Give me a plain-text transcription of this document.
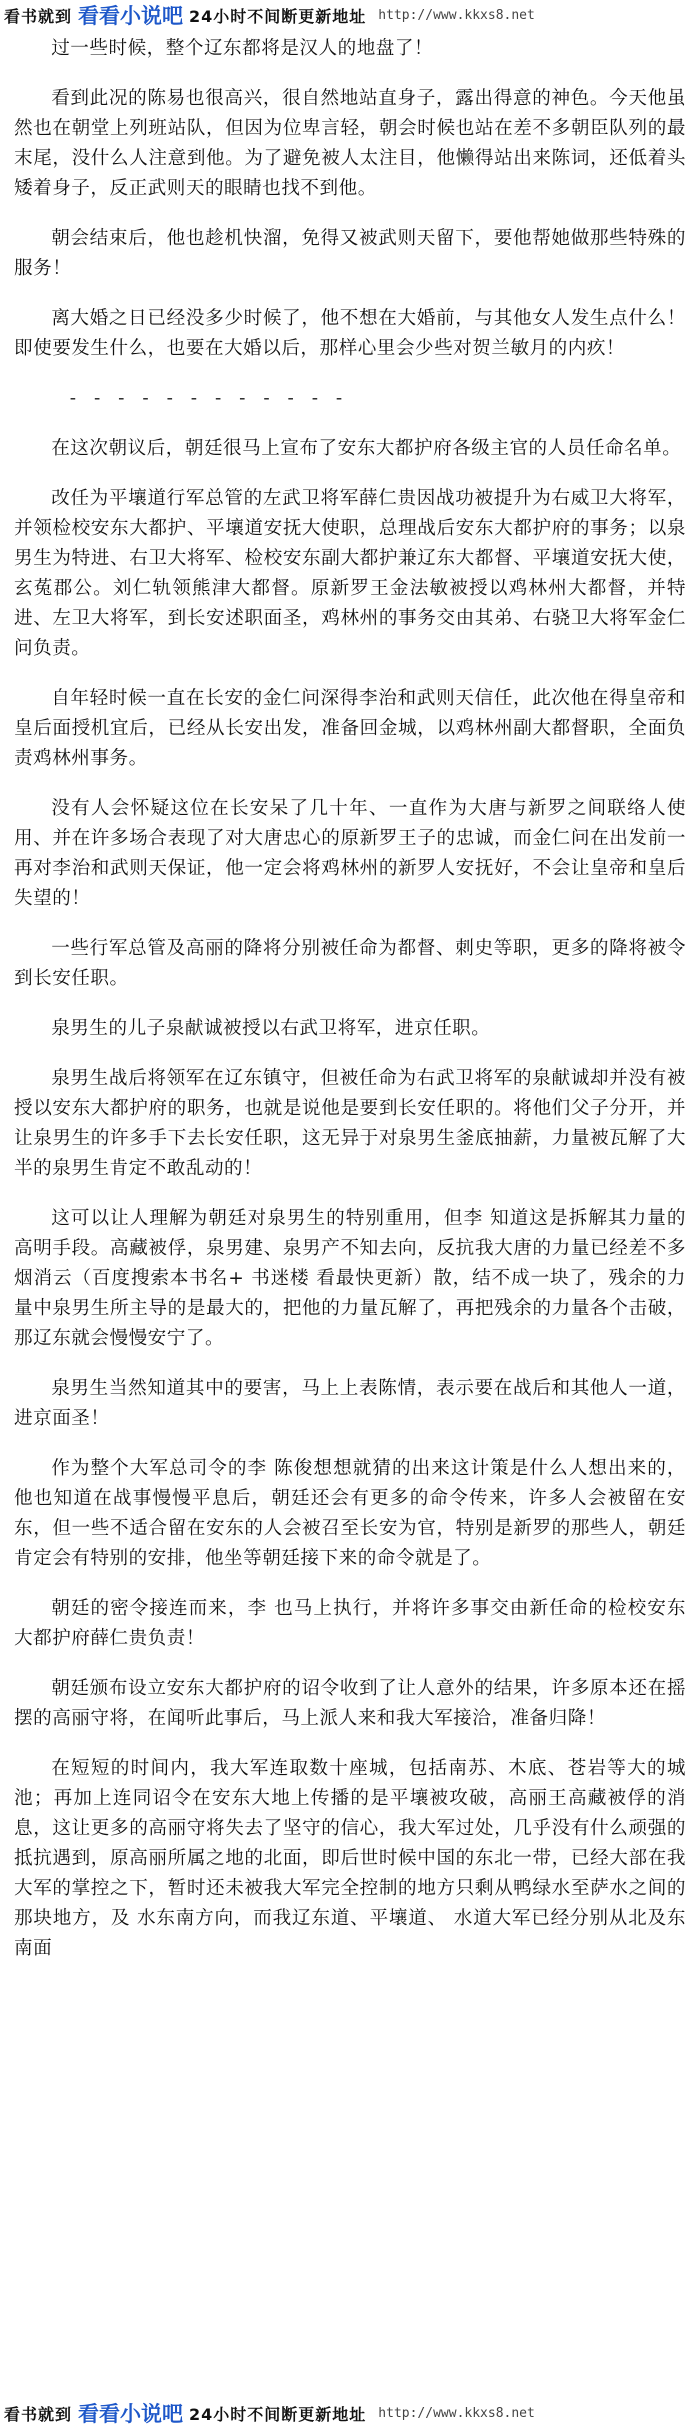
看书就到 看看小说吧 24小时不间断更新地址 http://www.kkxs8.net

过一些时候，整个辽东都将是汉人的地盘了！

看到此况的陈易也很高兴，很自然地站直身子，露出得意的神色。今天他虽然也在朝堂上列班站队，但因为位卑言轻，朝会时候也站在差不多朝臣队列的最末尾，没什么人注意到他。为了避免被人太注目，他懒得站出来陈词，还低着头矮着身子，反正武则天的眼睛也找不到他。

朝会结束后，他也趁机快溜，免得又被武则天留下，要他帮她做那些特殊的服务！

离大婚之日已经没多少时候了，他不想在大婚前，与其他女人发生点什么！即使要发生什么，也要在大婚以后，那样心里会少些对贺兰敏月的内疚！

- - - - - - - - - - - -

在这次朝议后，朝廷很马上宣布了安东大都护府各级主官的人员任命名单。

改任为平壤道行军总管的左武卫将军薛仁贵因战功被提升为右威卫大将军，并领检校安东大都护、平壤道安抚大使职，总理战后安东大都护府的事务；以泉男生为特进、右卫大将军、检校安东副大都护兼辽东大都督、平壤道安抚大使，玄菟郡公。刘仁轨领熊津大都督。原新罗王金法敏被授以鸡林州大都督，并特进、左卫大将军，到长安述职面圣，鸡林州的事务交由其弟、右骁卫大将军金仁问负责。

自年轻时候一直在长安的金仁问深得李治和武则天信任，此次他在得皇帝和皇后面授机宜后，已经从长安出发，准备回金城，以鸡林州副大都督职，全面负责鸡林州事务。

没有人会怀疑这位在长安呆了几十年、一直作为大唐与新罗之间联络人使用、并在许多场合表现了对大唐忠心的原新罗王子的忠诚，而金仁问在出发前一再对李治和武则天保证，他一定会将鸡林州的新罗人安抚好，不会让皇帝和皇后失望的！

一些行军总管及高丽的降将分别被任命为都督、刺史等职，更多的降将被令到长安任职。

泉男生的儿子泉献诚被授以右武卫将军，进京任职。

泉男生战后将领军在辽东镇守，但被任命为右武卫将军的泉献诚却并没有被授以安东大都护府的职务，也就是说他是要到长安任职的。将他们父子分开，并让泉男生的许多手下去长安任职，这无异于对泉男生釜底抽薪，力量被瓦解了大半的泉男生肯定不敢乱动的！

这可以让人理解为朝廷对泉男生的特别重用，但李 知道这是拆解其力量的高明手段。高藏被俘，泉男建、泉男产不知去向，反抗我大唐的力量已经差不多烟消云（百度搜索本书名+ 书迷楼 看最快更新）散，结不成一块了，残余的力量中泉男生所主导的是最大的，把他的力量瓦解了，再把残余的力量各个击破，那辽东就会慢慢安宁了。

泉男生当然知道其中的要害，马上上表陈情，表示要在战后和其他人一道，进京面圣！

作为整个大军总司令的李 陈俊想想就猜的出来这计策是什么人想出来的，他也知道在战事慢慢平息后，朝廷还会有更多的命令传来，许多人会被留在安东，但一些不适合留在安东的人会被召至长安为官，特别是新罗的那些人，朝廷肯定会有特别的安排，他坐等朝廷接下来的命令就是了。

朝廷的密令接连而来，李 也马上执行，并将许多事交由新任命的检校安东大都护府薛仁贵负责！

朝廷颁布设立安东大都护府的诏令收到了让人意外的结果，许多原本还在摇摆的高丽守将，在闻听此事后，马上派人来和我大军接洽，准备归降！

在短短的时间内，我大军连取数十座城，包括南苏、木底、苍岩等大的城池；再加上连同诏令在安东大地上传播的是平壤被攻破，高丽王高藏被俘的消息，这让更多的高丽守将失去了坚守的信心，我大军过处，几乎没有什么顽强的抵抗遇到，原高丽所属之地的北面，即后世时候中国的东北一带，已经大部在我大军的掌控之下，暂时还未被我大军完全控制的地方只剩从鸭绿水至萨水之间的那块地方，及 水东南方向，而我辽东道、平壤道、 水道大军已经分别从北及东南面

看书就到 看看小说吧 24小时不间断更新地址 http://www.kkxs8.net
